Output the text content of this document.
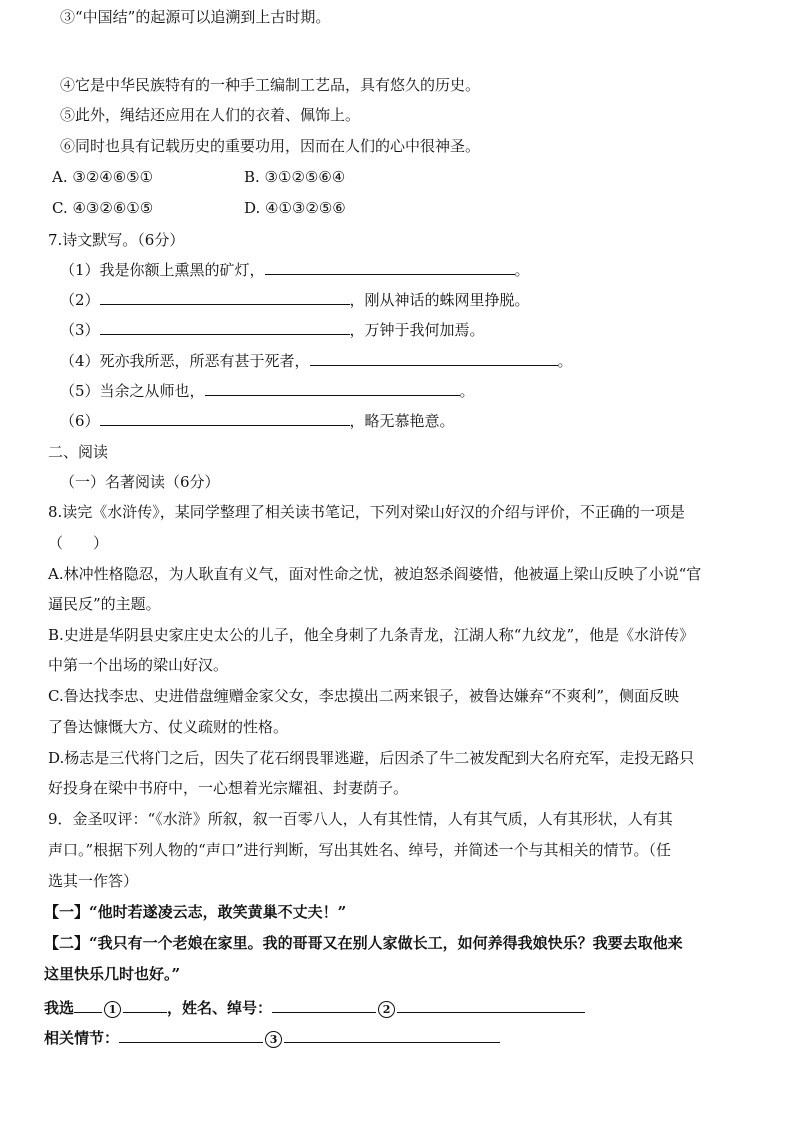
③“中国结”的起源可以追溯到上古时期。
④它是中华民族特有的一种手工编制工艺品，具有悠久的历史。
⑤此外，绳结还应用在人们的衣着、佩饰上。
⑥同时也具有记载历史的重要功用，因而在人们的心中很神圣。
A. ③②④⑥⑤①	B. ③①②⑤⑥④
C. ④③②⑥①⑤	D. ④①③②⑤⑥
7.诗文默写。（6分）
（1）我是你额上熏黑的矿灯，	。
（2）	，刚从神话的蛛网里挣脱。
（3）	，万钟于我何加焉。
（4）死亦我所恶，所恶有甚于死者，	。
（5）当余之从师也，	。
（6）	，略无慕艳意。
二、阅读
（一）名著阅读（6分）
8.读完《水浒传》，某同学整理了相关读书笔记，下列对梁山好汉的介绍与评价，不正确的一项是
（　　）
A.林冲性格隐忍，为人耿直有义气，面对性命之忧，被迫怒杀阎婆惜，他被逼上梁山反映了小说“官
逼民反”的主题。
B.史进是华阴县史家庄史太公的儿子，他全身刺了九条青龙，江湖人称“九纹龙”，他是《水浒传》
中第一个出场的梁山好汉。
C.鲁达找李忠、史进借盘缠赠金家父女，李忠摸出二两来银子，被鲁达嫌弃“不爽利”，侧面反映
了鲁达慷慨大方、仗义疏财的性格。
D.杨志是三代将门之后，因失了花石纲畏罪逃避，后因杀了牛二被发配到大名府充军，走投无路只
好投身在梁中书府中，一心想着光宗耀祖、封妻荫子。
9．金圣叹评：“《水浒》所叙，叙一百零八人，人有其性情，人有其气质，人有其形状，人有其
声口。”根据下列人物的“声口”进行判断，写出其姓名、绰号，并简述一个与其相关的情节。（任
选其一作答）
【一】“他时若遂凌云志，敢笑黄巢不丈夫！”
【二】“我只有一个老娘在家里。我的哥哥又在别人家做长工，如何养得我娘快乐？我要去取他来
这里快乐几时也好。”
我选	1	，姓名、绰号：	2
相关情节：	3
